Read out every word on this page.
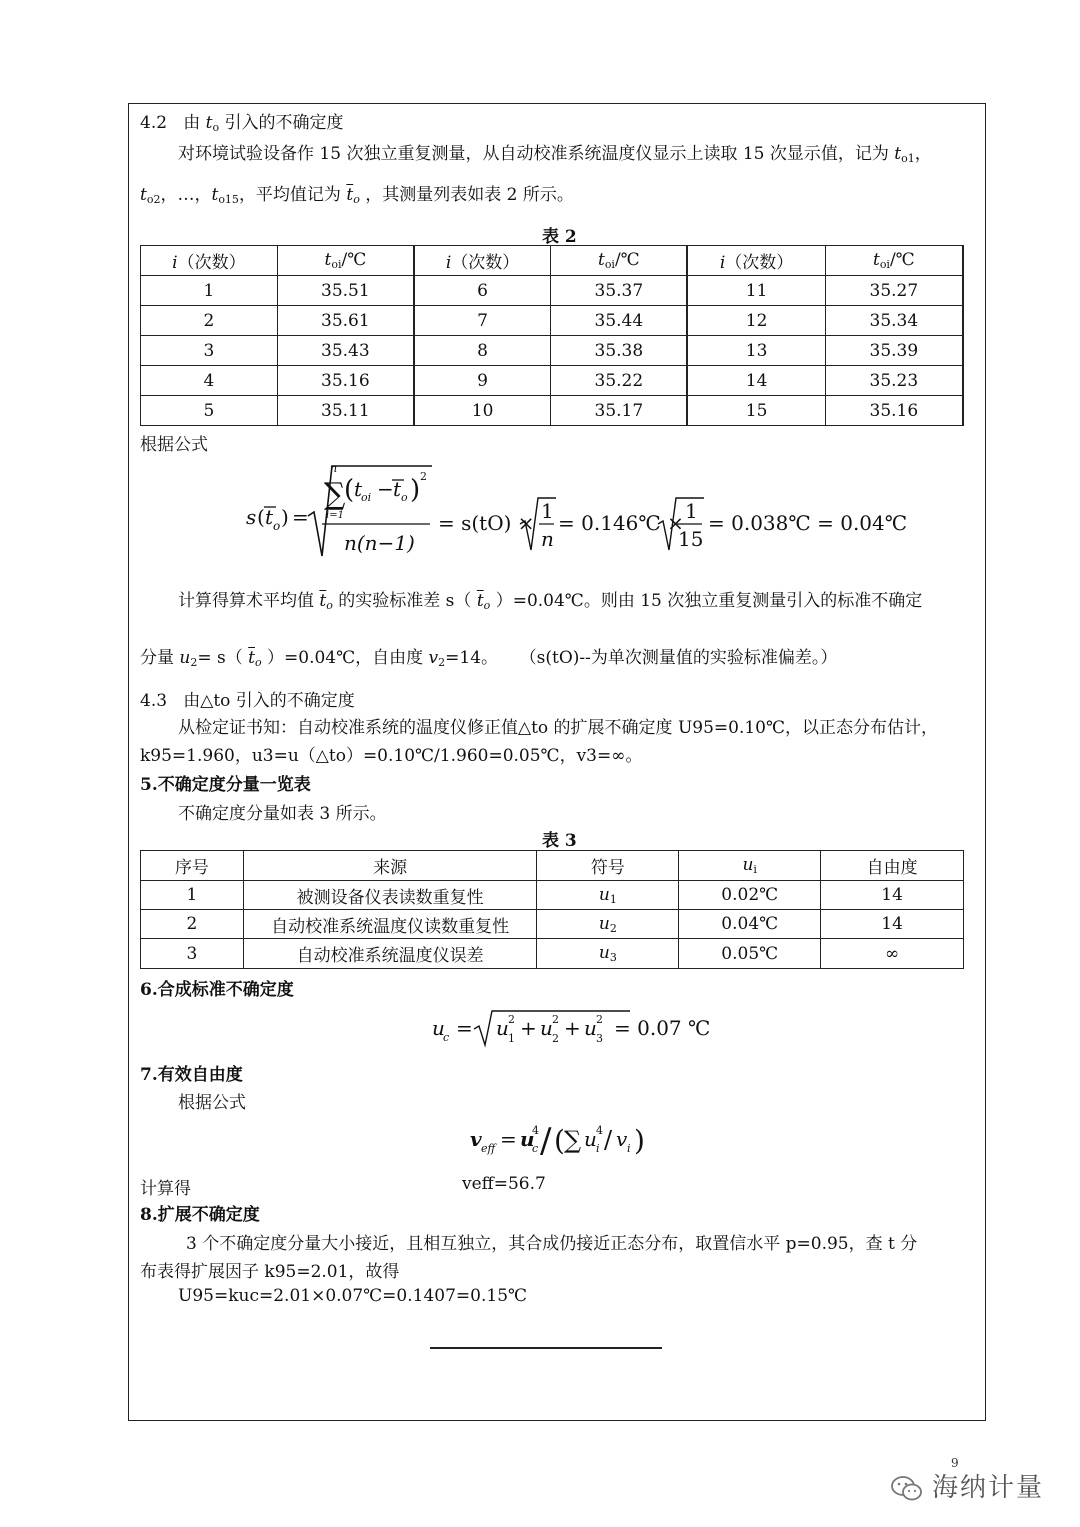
4.2 由 $t_o$ 引入的不确定度
对环境试验设备作 15 次独立重复测量，从自动校准系统温度仪显示上读取 15 次显示值，记为 $t_{o1}$，
$t_{o2}$，…，$t_{o15}$，平均值记为 $\overline{t}_o$ ，其测量列表如表 2 所示。
表 2
i（次数）	$t_{oi}/℃$	i（次数）	$t_{oi}/℃$	i（次数）	$t_{oi}/℃$
1	35.51	6	35.37	11	35.27
2	35.61	7	35.44	12	35.34
3	35.43	8	35.38	13	35.39
4	35.16	9	35.22	14	35.23
5	35.11	10	35.17	15	35.16
根据公式
s ( t o ) =
n
∑
i=1
( t
oi − t o ) 2
n(n−1)
= s(tO) × 1
n
= 0.146℃ × 1
15
= 0.038℃ = 0.04℃
计算得算术平均值 $\overline{t}_o$ 的实验标准差 s（ $\overline{t}_o$ ）=0.04℃。则由 15 次独立重复测量引入的标准不确定
分量 $u_2= s$（ $\overline{t}_o$ ）=0.04℃，自由度 $v_2=14$。 （s(tO)--为单次测量值的实验标准偏差。）
4.3 由△to 引入的不确定度
从检定证书知：自动校准系统的温度仪修正值△to 的扩展不确定度 U95=0.10℃，以正态分布估计，
k95=1.960，u3=u（△to）=0.10℃/1.960=0.05℃，v3=∞。
5.不确定度分量一览表
不确定度分量如表 3 所示。
表 3
序号	来源	符号	$u_i$	自由度
1	被测设备仪表读数重复性	$u_1$	0.02℃	14
2	自动校准系统温度仪读数重复性	$u_2$	0.04℃	14
3	自动校准系统温度仪误差	$u_3$	0.05℃	∞
6.合成标准不确定度
u
c = u 2
1 + u 2
2 + u 2
3 = 0.07 ℃
7.有效自由度
根据公式
v eff = u
4
c / ( ∑ u 4
i / v i )
计算得	veff=56.7
8.扩展不确定度
3 个不确定度分量大小接近，且相互独立，其合成仍接近正态分布，取置信水平 p=0.95，查 t 分
布表得扩展因子 k95=2.01，故得
U95=kuc=2.01×0.07℃=0.1407=0.15℃
9
海纳计量
